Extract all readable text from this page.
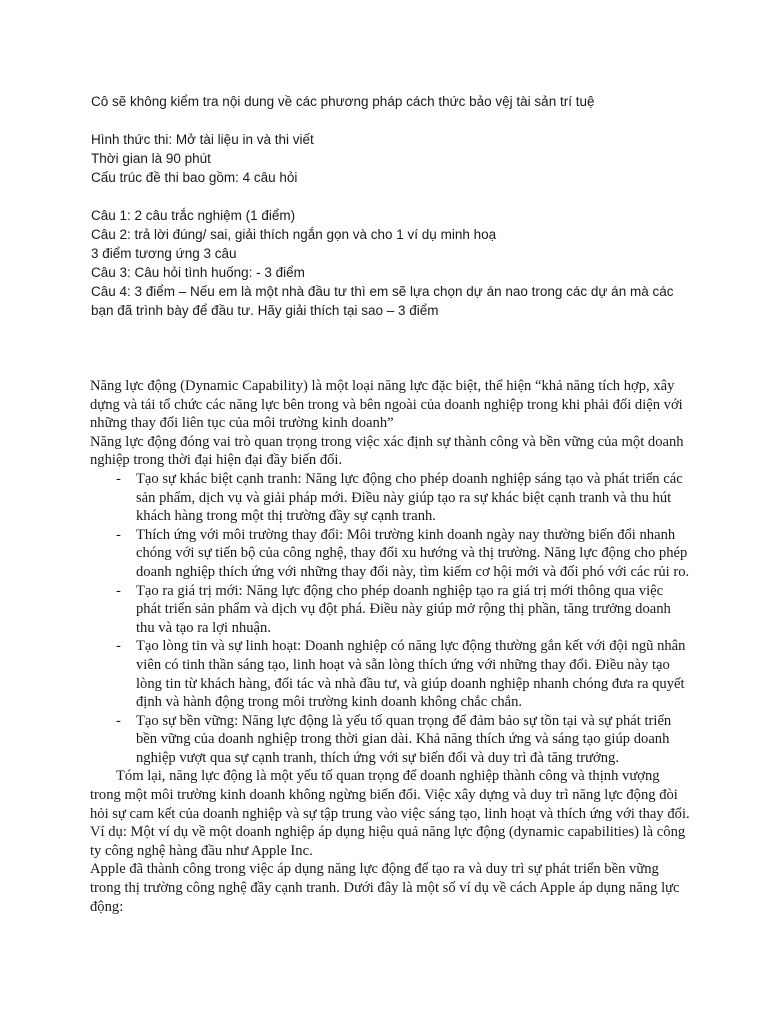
Cô sẽ không kiểm tra nội dung về các phương pháp cách thức bảo vệj tài sản trí tuệ
Hình thức thi: Mở tài liệu in và thi viết
Thời gian là 90 phút
Cấu trúc đề thi bao gồm: 4 câu hỏi
Câu 1: 2 câu trắc nghiệm (1 điểm)
Câu 2: trả lời đúng/ sai, giải thích ngắn gọn và cho 1 ví dụ minh hoạ
3 điểm tương ứng 3 câu
Câu 3: Câu hỏi tình huống: - 3 điểm
Câu 4: 3 điểm – Nếu em là một nhà đầu tư thì em sẽ lựa chọn dự án nao trong các dự án mà các bạn đã trình bày để đầu tư. Hãy giải thích tại sao – 3 điểm

Năng lực động (Dynamic Capability) là một loại năng lực đặc biệt, thể hiện “khả năng tích hợp, xây dựng và tái tổ chức các năng lực bên trong và bên ngoài của doanh nghiệp trong khi phải đối diện với những thay đổi liên tục của môi trường kinh doanh”

Năng lực động đóng vai trò quan trọng trong việc xác định sự thành công và bền vững của một doanh nghiệp trong thời đại hiện đại đầy biến đổi.

- Tạo sự khác biệt cạnh tranh: Năng lực động cho phép doanh nghiệp sáng tạo và phát triển các sản phẩm, dịch vụ và giải pháp mới. Điều này giúp tạo ra sự khác biệt cạnh tranh và thu hút khách hàng trong một thị trường đầy sự cạnh tranh.
- Thích ứng với môi trường thay đổi: Môi trường kinh doanh ngày nay thường biến đổi nhanh chóng với sự tiến bộ của công nghệ, thay đổi xu hướng và thị trường. Năng lực động cho phép doanh nghiệp thích ứng với những thay đổi này, tìm kiếm cơ hội mới và đối phó với các rủi ro.
- Tạo ra giá trị mới: Năng lực động cho phép doanh nghiệp tạo ra giá trị mới thông qua việc phát triển sản phẩm và dịch vụ đột phá. Điều này giúp mở rộng thị phần, tăng trưởng doanh thu và tạo ra lợi nhuận.
- Tạo lòng tin và sự linh hoạt: Doanh nghiệp có năng lực động thường gắn kết với đội ngũ nhân viên có tinh thần sáng tạo, linh hoạt và sẵn lòng thích ứng với những thay đổi. Điều này tạo lòng tin từ khách hàng, đối tác và nhà đầu tư, và giúp doanh nghiệp nhanh chóng đưa ra quyết định và hành động trong môi trường kinh doanh không chắc chắn.
- Tạo sự bền vững: Năng lực động là yếu tố quan trọng để đảm bảo sự tồn tại và sự phát triển bền vững của doanh nghiệp trong thời gian dài. Khả năng thích ứng và sáng tạo giúp doanh nghiệp vượt qua sự cạnh tranh, thích ứng với sự biến đổi và duy trì đà tăng trưởng.

Tóm lại, năng lực động là một yếu tố quan trọng để doanh nghiệp thành công và thịnh vượng trong một môi trường kinh doanh không ngừng biến đổi. Việc xây dựng và duy trì năng lực động đòi hỏi sự cam kết của doanh nghiệp và sự tập trung vào việc sáng tạo, linh hoạt và thích ứng với thay đổi.

Ví dụ: Một ví dụ về một doanh nghiệp áp dụng hiệu quả năng lực động (dynamic capabilities) là công ty công nghệ hàng đầu như Apple Inc.

Apple đã thành công trong việc áp dụng năng lực động để tạo ra và duy trì sự phát triển bền vững trong thị trường công nghệ đầy cạnh tranh. Dưới đây là một số ví dụ về cách Apple áp dụng năng lực động:
